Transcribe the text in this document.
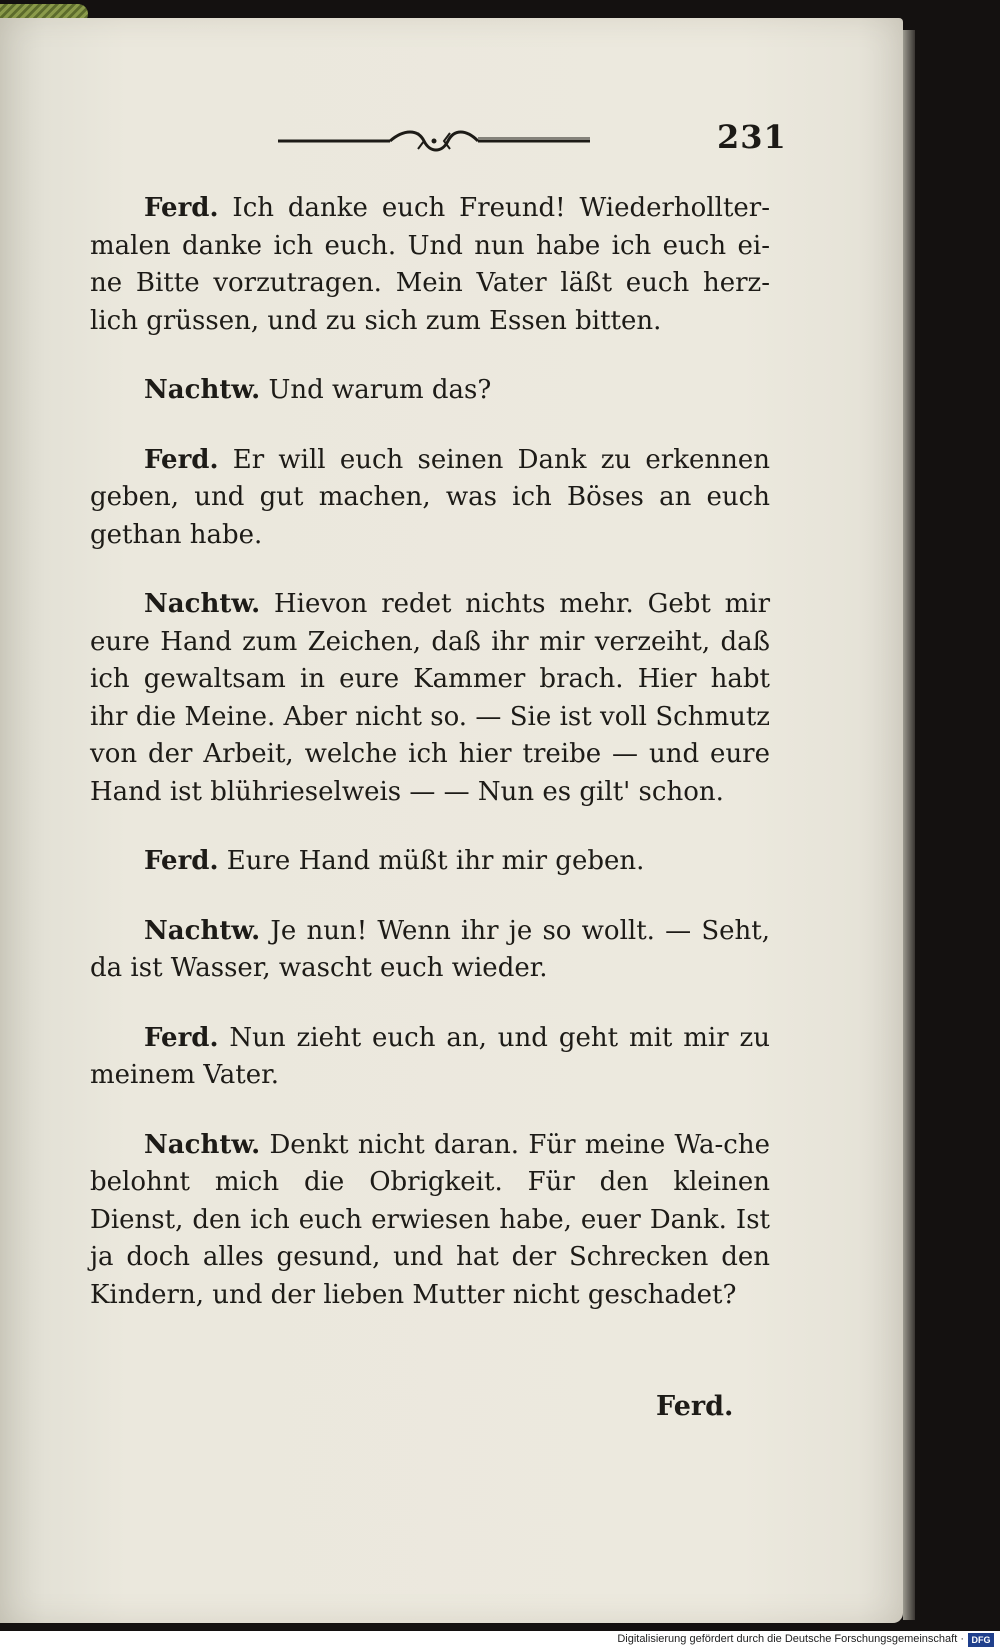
231

Ferd. Ich danke euch Freund! Wiederhollter-malen danke ich euch. Und nun habe ich euch ei-ne Bitte vorzutragen. Mein Vater läßt euch herz-lich grüssen, und zu sich zum Essen bitten.

Nachtw. Und warum das?

Ferd. Er will euch seinen Dank zu erkennen geben, und gut machen, was ich Böses an euch gethan habe.

Nachtw. Hievon redet nichts mehr. Gebt mir eure Hand zum Zeichen, daß ihr mir verzeiht, daß ich gewaltsam in eure Kammer brach. Hier habt ihr die Meine. Aber nicht so. — Sie ist voll Schmutz von der Arbeit, welche ich hier treibe — und eure Hand ist blührieselweis — — Nun es gilt' schon.

Ferd. Eure Hand müßt ihr mir geben.

Nachtw. Je nun! Wenn ihr je so wollt. — Seht, da ist Wasser, wascht euch wieder.

Ferd. Nun zieht euch an, und geht mit mir zu meinem Vater.

Nachtw. Denkt nicht daran. Für meine Wa-che belohnt mich die Obrigkeit. Für den kleinen Dienst, den ich euch erwiesen habe, euer Dank. Ist ja doch alles gesund, und hat der Schrecken den Kindern, und der lieben Mutter nicht geschadet?

Ferd.
Digitalisierung gefördert durch die Deutsche Forschungsgemeinschaft · DFG
